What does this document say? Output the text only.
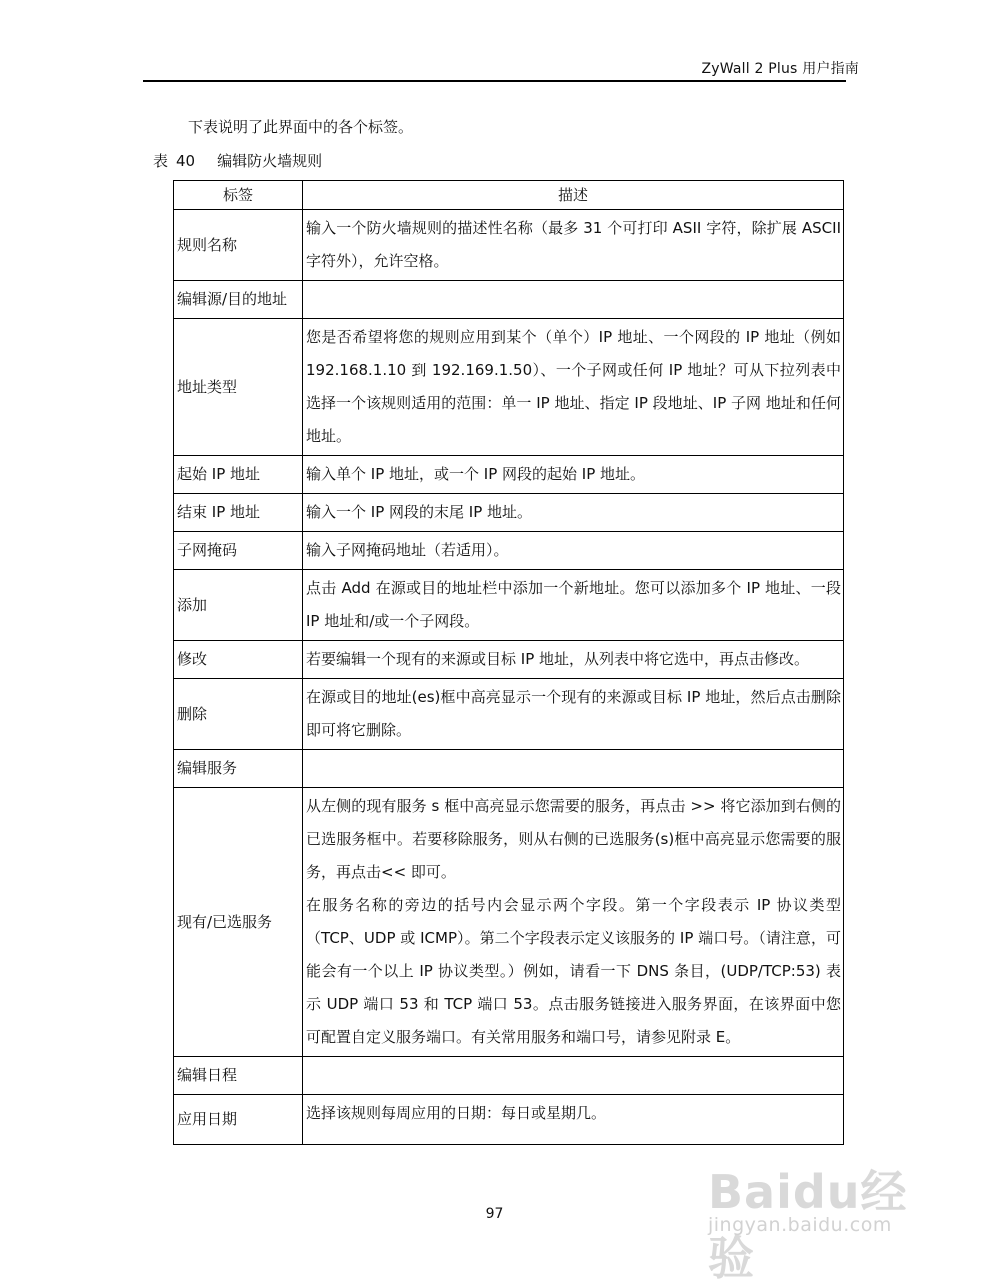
ZyWall 2 Plus 用户指南
下表说明了此界面中的各个标签。
表 40 编辑防火墙规则
标签	描述
规则名称	输入一个防火墙规则的描述性名称（最多 31 个可打印 ASII 字符，除扩展 ASCII 字符外），允许空格。
编辑源/目的地址	
地址类型	您是否希望将您的规则应用到某个（单个）IP 地址、一个网段的 IP 地址（例如 192.168.1.10 到 192.169.1.50）、一个子网或任何 IP 地址？可从下拉列表中选择一个该规则适用的范围：单一 IP 地址、指定 IP 段地址、IP 子网 地址和任何地址。
起始 IP 地址	输入单个 IP 地址，或一个 IP 网段的起始 IP 地址。
结束 IP 地址	输入一个 IP 网段的末尾 IP 地址。
子网掩码	输入子网掩码地址（若适用）。
添加	点击 Add 在源或目的地址栏中添加一个新地址。您可以添加多个 IP 地址、一段 IP 地址和/或一个子网段。
修改	若要编辑一个现有的来源或目标 IP 地址，从列表中将它选中，再点击修改。
删除	在源或目的地址(es)框中高亮显示一个现有的来源或目标 IP 地址，然后点击删除即可将它删除。
编辑服务	
现有/已选服务	从左侧的现有服务 s 框中高亮显示您需要的服务，再点击 >> 将它添加到右侧的已选服务框中。若要移除服务，则从右侧的已选服务(s)框中高亮显示您需要的服务，再点击<< 即可。
在服务名称的旁边的括号内会显示两个字段。第一个字段表示 IP 协议类型（TCP、UDP 或 ICMP）。第二个字段表示定义该服务的 IP 端口号。（请注意，可能会有一个以上 IP 协议类型。）例如，请看一下 DNS 条目，(UDP/TCP:53) 表示 UDP 端口 53 和 TCP 端口 53。点击服务链接进入服务界面，在该界面中您可配置自定义服务端口。有关常用服务和端口号，请参见附录 E。

编辑日程	
应用日期	选择该规则每周应用的日期：每日或星期几。
97	Baidu经验
jingyan.baidu.com
